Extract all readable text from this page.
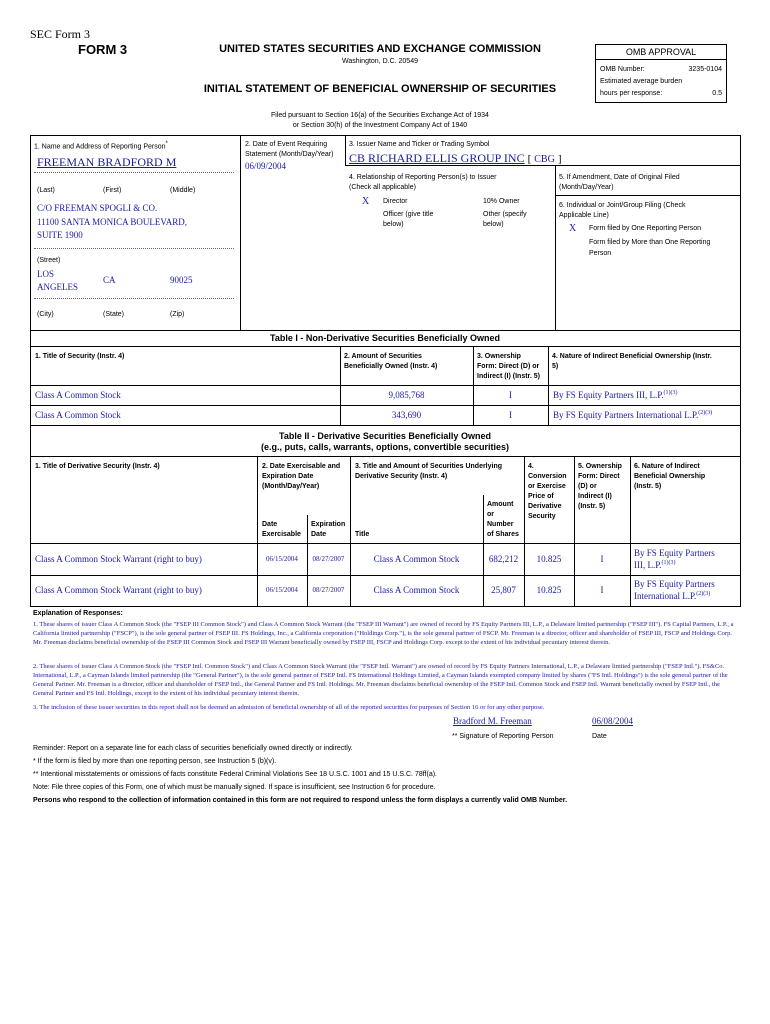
SEC Form 3
FORM 3	UNITED STATES SECURITIES AND EXCHANGE COMMISSION
Washington, D.C. 20549
INITIAL STATEMENT OF BENEFICIAL OWNERSHIP OF SECURITIES
OMB APPROVAL
OMB Number:	3235-0104
Estimated average burden
hours per response:	0.5
Filed pursuant to Section 16(a) of the Securities Exchange Act of 1934
or Section 30(h) of the Investment Company Act of 1940
1. Name and Address of Reporting Person*
FREEMAN BRADFORD M
(Last)	(First)	(Middle)
C/O FREEMAN SPOGLI & CO.
11100 SANTA MONICA BOULEVARD,
SUITE 1900
(Street)
LOS
ANGELES
CA	90025
(City)	(State)	(Zip)
2. Date of Event Requiring
Statement (Month/Day/Year)
06/09/2004
3. Issuer Name and Ticker or Trading Symbol
CB RICHARD ELLIS GROUP INC [ CBG ]
4. Relationship of Reporting Person(s) to Issuer
(Check all applicable)
X Director	10% Owner
Officer (give title
below)
Other (specify
below)
5. If Amendment, Date of Original Filed
(Month/Day/Year)
6. Individual or Joint/Group Filing (Check
Applicable Line)
X Form filed by One Reporting Person
Form filed by More than One Reporting
Person
Table I - Non-Derivative Securities Beneficially Owned
1. Title of Security (Instr. 4)	2. Amount of Securities
Beneficially Owned (Instr. 4)
3. Ownership
Form: Direct (D) or
Indirect (I) (Instr. 5)
4. Nature of Indirect Beneficial Ownership (Instr.
5)
Class A Common Stock	9,085,768	I	By FS Equity Partners III, L.P.$^{(1)(3)}$
Class A Common Stock	343,690	I	By FS Equity Partners International L.P.$^{(2)(3)}$
Table II - Derivative Securities Beneficially Owned
(e.g., puts, calls, warrants, options, convertible securities)
1. Title of Derivative Security (Instr. 4)	2. Date Exercisable and
Expiration Date
(Month/Day/Year)
Date
Exercisable
Expiration
Date
3. Title and Amount of Securities Underlying
Derivative Security (Instr. 4)
Title
Amount
or
Number
of Shares
4.
Conversion
or Exercise
Price of
Derivative
Security
5. Ownership
Form: Direct
(D) or
Indirect (I)
(Instr. 5)
6. Nature of Indirect
Beneficial Ownership
(Instr. 5)
Class A Common Stock Warrant (right to buy)	06/15/2004	08/27/2007	Class A Common Stock	682,212	10.825	I
By FS Equity Partners
III, L.P.$^{(1)(3)}$
Class A Common Stock Warrant (right to buy)	06/15/2004	08/27/2007	Class A Common Stock	25,807	10.825	I
By FS Equity Partners
International L.P.$^{(2)(3)}$
Explanation of Responses:
1. These shares of issuer Class A Common Stock (the "FSEP III Common Stock") and Class A Common Stock Warrant (the "FSEP III Warrant") are owned of record by FS Equity Partners III, L.P., a Delaware limited partnership ("FSEP III"). FS Capital Partners, L.P., a California limited partnership ("FSCP"), is the sole general partner of FSEP III. FS Holdings, Inc., a California corporation ("Holdings Corp."), is the sole general partner of FSCP. Mr. Freeman is a director, officer and shareholder of FSEP III, FSCP and Holdings Corp. Mr. Freeman disclaims beneficial ownership of the FSEP III Common Stock and FSEP III Warrant beneficially owned by FSEP III, FSCP and Holdings Corp. except to the extent of his individual pecuniary interest therein.
2. These shares of issuer Class A Common Stock (the "FSEP Intl. Common Stock") and Class A Common Stock Warrant (the "FSEP Intl. Warrant") are owned of record by FS Equity Partners International, L.P., a Delaware limited partnership ("FSEP Intl."). FS&Co. International, L.P., a Cayman Islands limited partnership (the "General Partner"), is the sole general partner of FSEP Intl. FS International Holdings Limited, a Cayman Islands exempted company limited by shares ("FS Intl. Holdings") is the sole general partner of the General Partner. Mr. Freeman is a director, officer and shareholder of FSEP Intl., the General Partner and FS Intl. Holdings. Mr. Freeman disclaims beneficial ownership of the FSEP Intl. Common Stock and FSEP Intl. Warrant beneficially owned by FSEP Intl., the General Partner and FS Intl. Holdings, except to the extent of his individual pecuniary interest therein.
3. The inclusion of these issuer securities in this report shall not be deemed an admission of beneficial ownership of all of the reported securities for purposes of Section 16 or for any other purpose.
Bradford M. Freeman	06/08/2004
** Signature of Reporting Person	Date
Reminder: Report on a separate line for each class of securities beneficially owned directly or indirectly.
* If the form is filed by more than one reporting person, see Instruction 5 (b)(v).
** Intentional misstatements or omissions of facts constitute Federal Criminal Violations See 18 U.S.C. 1001 and 15 U.S.C. 78ff(a).
Note: File three copies of this Form, one of which must be manually signed. If space is insufficient, see Instruction 6 for procedure.
Persons who respond to the collection of information contained in this form are not required to respond unless the form displays a currently valid OMB Number.
